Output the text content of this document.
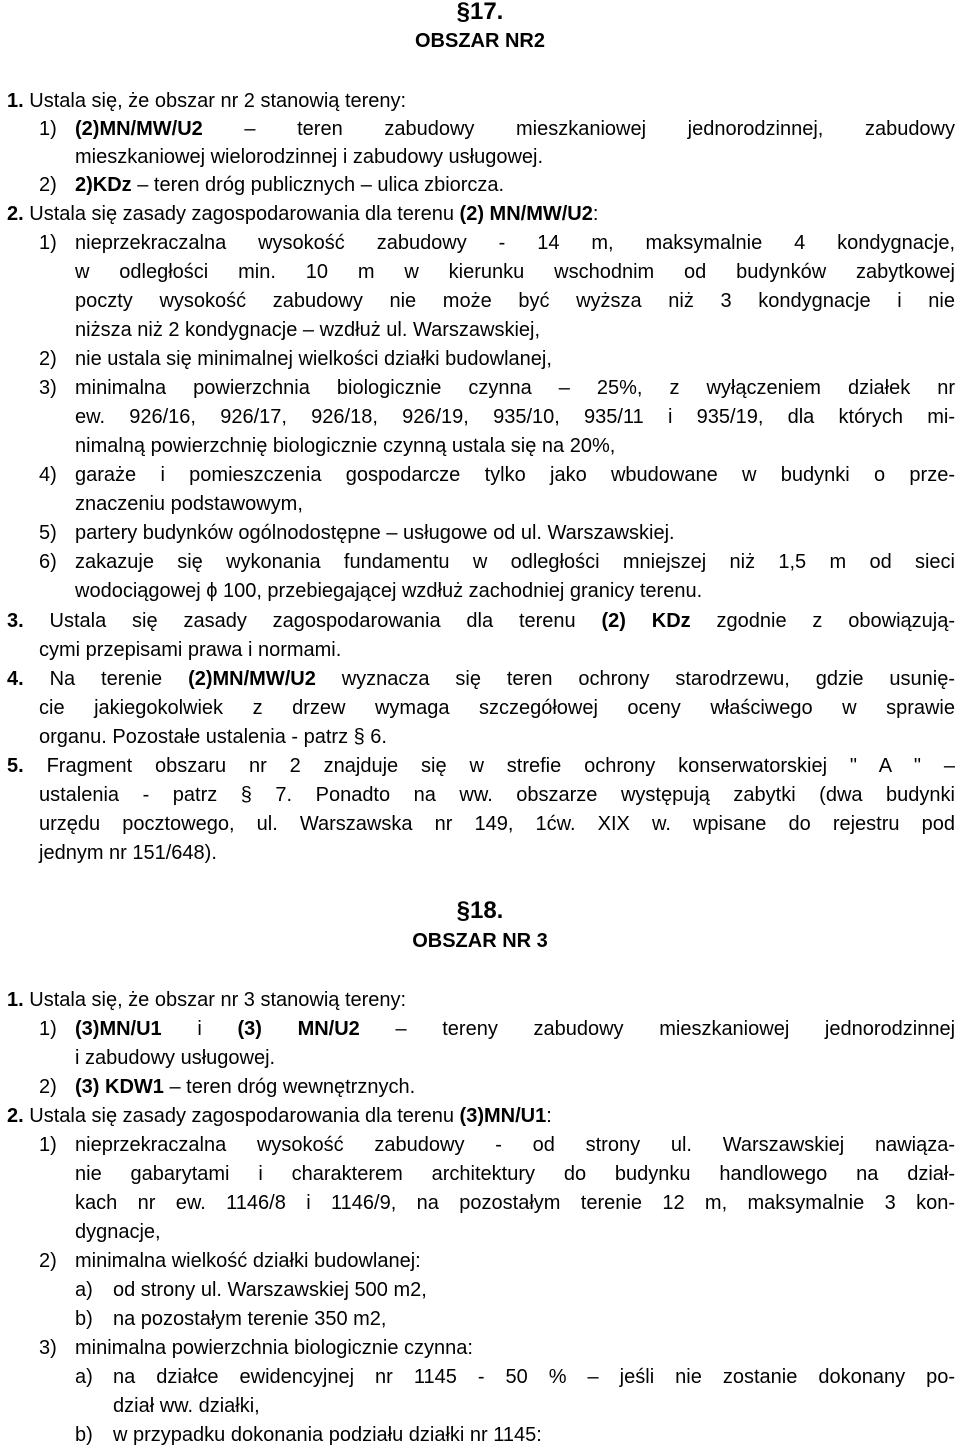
§17.
OBSZAR NR2
1. Ustala się, że obszar nr 2 stanowią tereny:
1) (2)MN/MW/U2 – teren zabudowy mieszkaniowej jednorodzinnej, zabudowy
mieszkaniowej wielorodzinnej i zabudowy usługowej.
2) 2)KDz – teren dróg publicznych – ulica zbiorcza.
2. Ustala się zasady zagospodarowania dla terenu (2) MN/MW/U2:
1) nieprzekraczalna wysokość zabudowy - 14 m, maksymalnie 4 kondygnacje,
w odległości min. 10 m w kierunku wschodnim od budynków zabytkowej
poczty wysokość zabudowy nie może być wyższa niż 3 kondygnacje i nie
niższa niż 2 kondygnacje – wzdłuż ul. Warszawskiej,
2) nie ustala się minimalnej wielkości działki budowlanej,
3) minimalna powierzchnia biologicznie czynna – 25%, z wyłączeniem działek nr
ew. 926/16, 926/17, 926/18, 926/19, 935/10, 935/11 i 935/19, dla których mi-
nimalną powierzchnię biologicznie czynną ustala się na 20%,
4) garaże i pomieszczenia gospodarcze tylko jako wbudowane w budynki o prze-
znaczeniu podstawowym,
5) partery budynków ogólnodostępne – usługowe od ul. Warszawskiej.
6) zakazuje się wykonania fundamentu w odległości mniejszej niż 1,5 m od sieci
wodociągowej ϕ 100, przebiegającej wzdłuż zachodniej granicy terenu.
3. Ustala się zasady zagospodarowania dla terenu (2) KDz zgodnie z obowiązują-
cymi przepisami prawa i normami.
4. Na terenie (2)MN/MW/U2 wyznacza się teren ochrony starodrzewu, gdzie usunię-
cie jakiegokolwiek z drzew wymaga szczegółowej oceny właściwego w sprawie
organu. Pozostałe ustalenia - patrz § 6.
5. Fragment obszaru nr 2 znajduje się w strefie ochrony konserwatorskiej " A " –
ustalenia - patrz § 7. Ponadto na ww. obszarze występują zabytki (dwa budynki
urzędu pocztowego, ul. Warszawska nr 149, 1ćw. XIX w. wpisane do rejestru pod
jednym nr 151/648).
§18.
OBSZAR NR 3
1. Ustala się, że obszar nr 3 stanowią tereny:
1) (3)MN/U1 i (3) MN/U2 – tereny zabudowy mieszkaniowej jednorodzinnej
i zabudowy usługowej.
2) (3) KDW1 – teren dróg wewnętrznych.
2. Ustala się zasady zagospodarowania dla terenu (3)MN/U1:
1) nieprzekraczalna wysokość zabudowy - od strony ul. Warszawskiej nawiąza-
nie gabarytami i charakterem architektury do budynku handlowego na dział-
kach nr ew. 1146/8 i 1146/9, na pozostałym terenie 12 m, maksymalnie 3 kon-
dygnacje,
2) minimalna wielkość działki budowlanej:
a) od strony ul. Warszawskiej 500 m2,
b) na pozostałym terenie 350 m2,
3) minimalna powierzchnia biologicznie czynna:
a) na działce ewidencyjnej nr 1145 - 50 % – jeśli nie zostanie dokonany po-
dział ww. działki,
b) w przypadku dokonania podziału działki nr 1145:
